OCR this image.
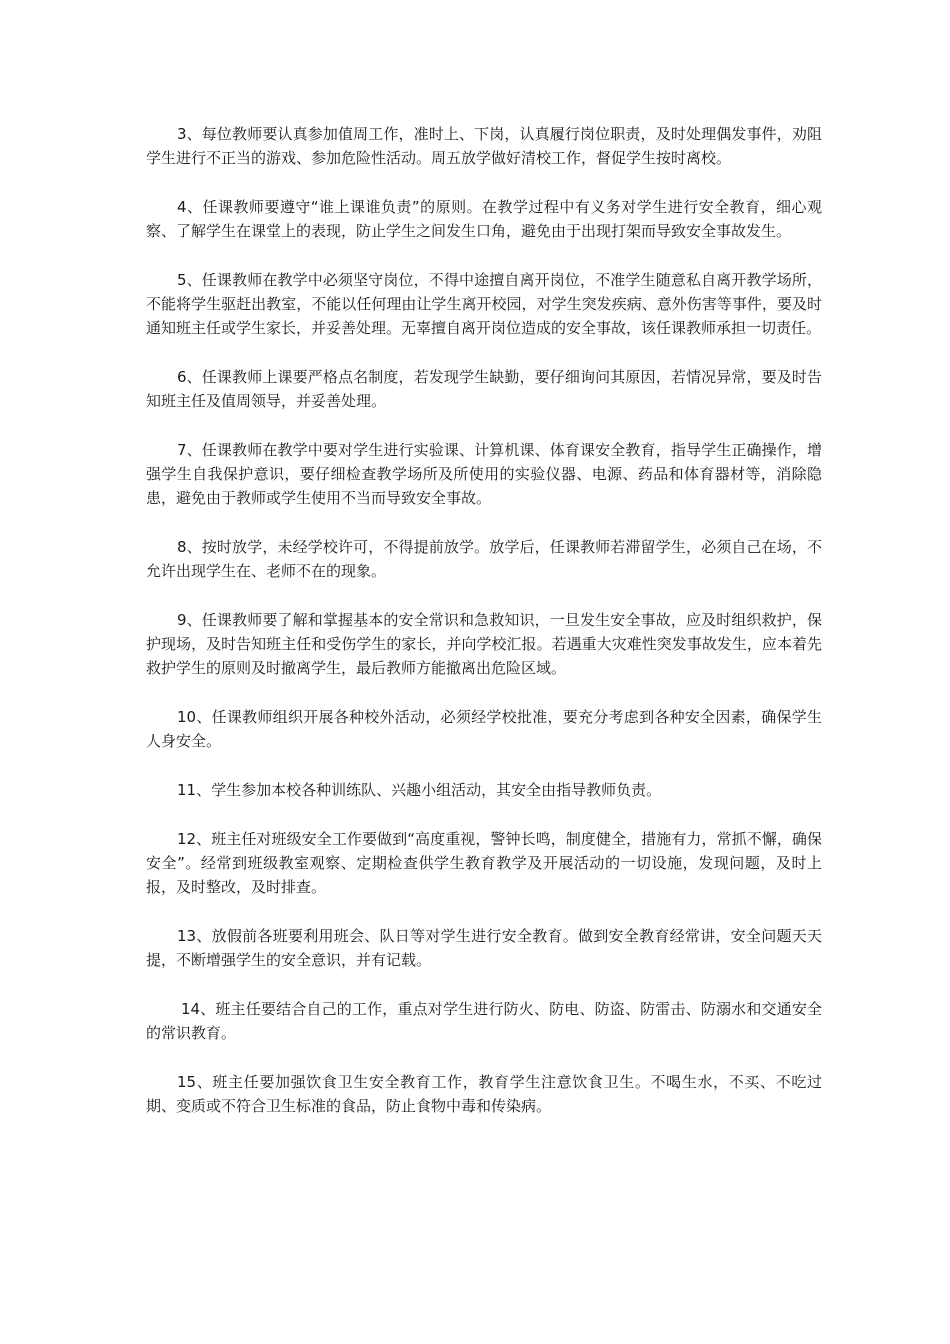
3、每位教师要认真参加值周工作，准时上、下岗，认真履行岗位职责，及时处理偶发事件，劝阻学生进行不正当的游戏、参加危险性活动。周五放学做好清校工作，督促学生按时离校。

4、任课教师要遵守“谁上课谁负责”的原则。在教学过程中有义务对学生进行安全教育，细心观察、了解学生在课堂上的表现，防止学生之间发生口角，避免由于出现打架而导致安全事故发生。

5、任课教师在教学中必须坚守岗位，不得中途擅自离开岗位，不准学生随意私自离开教学场所，不能将学生驱赶出教室，不能以任何理由让学生离开校园，对学生突发疾病、意外伤害等事件，要及时通知班主任或学生家长，并妥善处理。无辜擅自离开岗位造成的安全事故，该任课教师承担一切责任。

6、任课教师上课要严格点名制度，若发现学生缺勤，要仔细询问其原因，若情况异常，要及时告知班主任及值周领导，并妥善处理。

7、任课教师在教学中要对学生进行实验课、计算机课、体育课安全教育，指导学生正确操作，增强学生自我保护意识，要仔细检查教学场所及所使用的实验仪器、电源、药品和体育器材等，消除隐患，避免由于教师或学生使用不当而导致安全事故。

8、按时放学，未经学校许可，不得提前放学。放学后，任课教师若滞留学生，必须自己在场，不允许出现学生在、老师不在的现象。

9、任课教师要了解和掌握基本的安全常识和急救知识，一旦发生安全事故，应及时组织救护，保护现场，及时告知班主任和受伤学生的家长，并向学校汇报。若遇重大灾难性突发事故发生，应本着先救护学生的原则及时撤离学生，最后教师方能撤离出危险区域。

10、任课教师组织开展各种校外活动，必须经学校批准，要充分考虑到各种安全因素，确保学生人身安全。

11、学生参加本校各种训练队、兴趣小组活动，其安全由指导教师负责。

12、班主任对班级安全工作要做到“高度重视，警钟长鸣，制度健全，措施有力，常抓不懈，确保安全”。经常到班级教室观察、定期检查供学生教育教学及开展活动的一切设施，发现问题，及时上报，及时整改，及时排查。

13、放假前各班要利用班会、队日等对学生进行安全教育。做到安全教育经常讲，安全问题天天提，不断增强学生的安全意识，并有记载。

14、班主任要结合自己的工作，重点对学生进行防火、防电、防盗、防雷击、防溺水和交通安全的常识教育。

15、班主任要加强饮食卫生安全教育工作，教育学生注意饮食卫生。不喝生水，不买、不吃过期、变质或不符合卫生标准的食品，防止食物中毒和传染病。
